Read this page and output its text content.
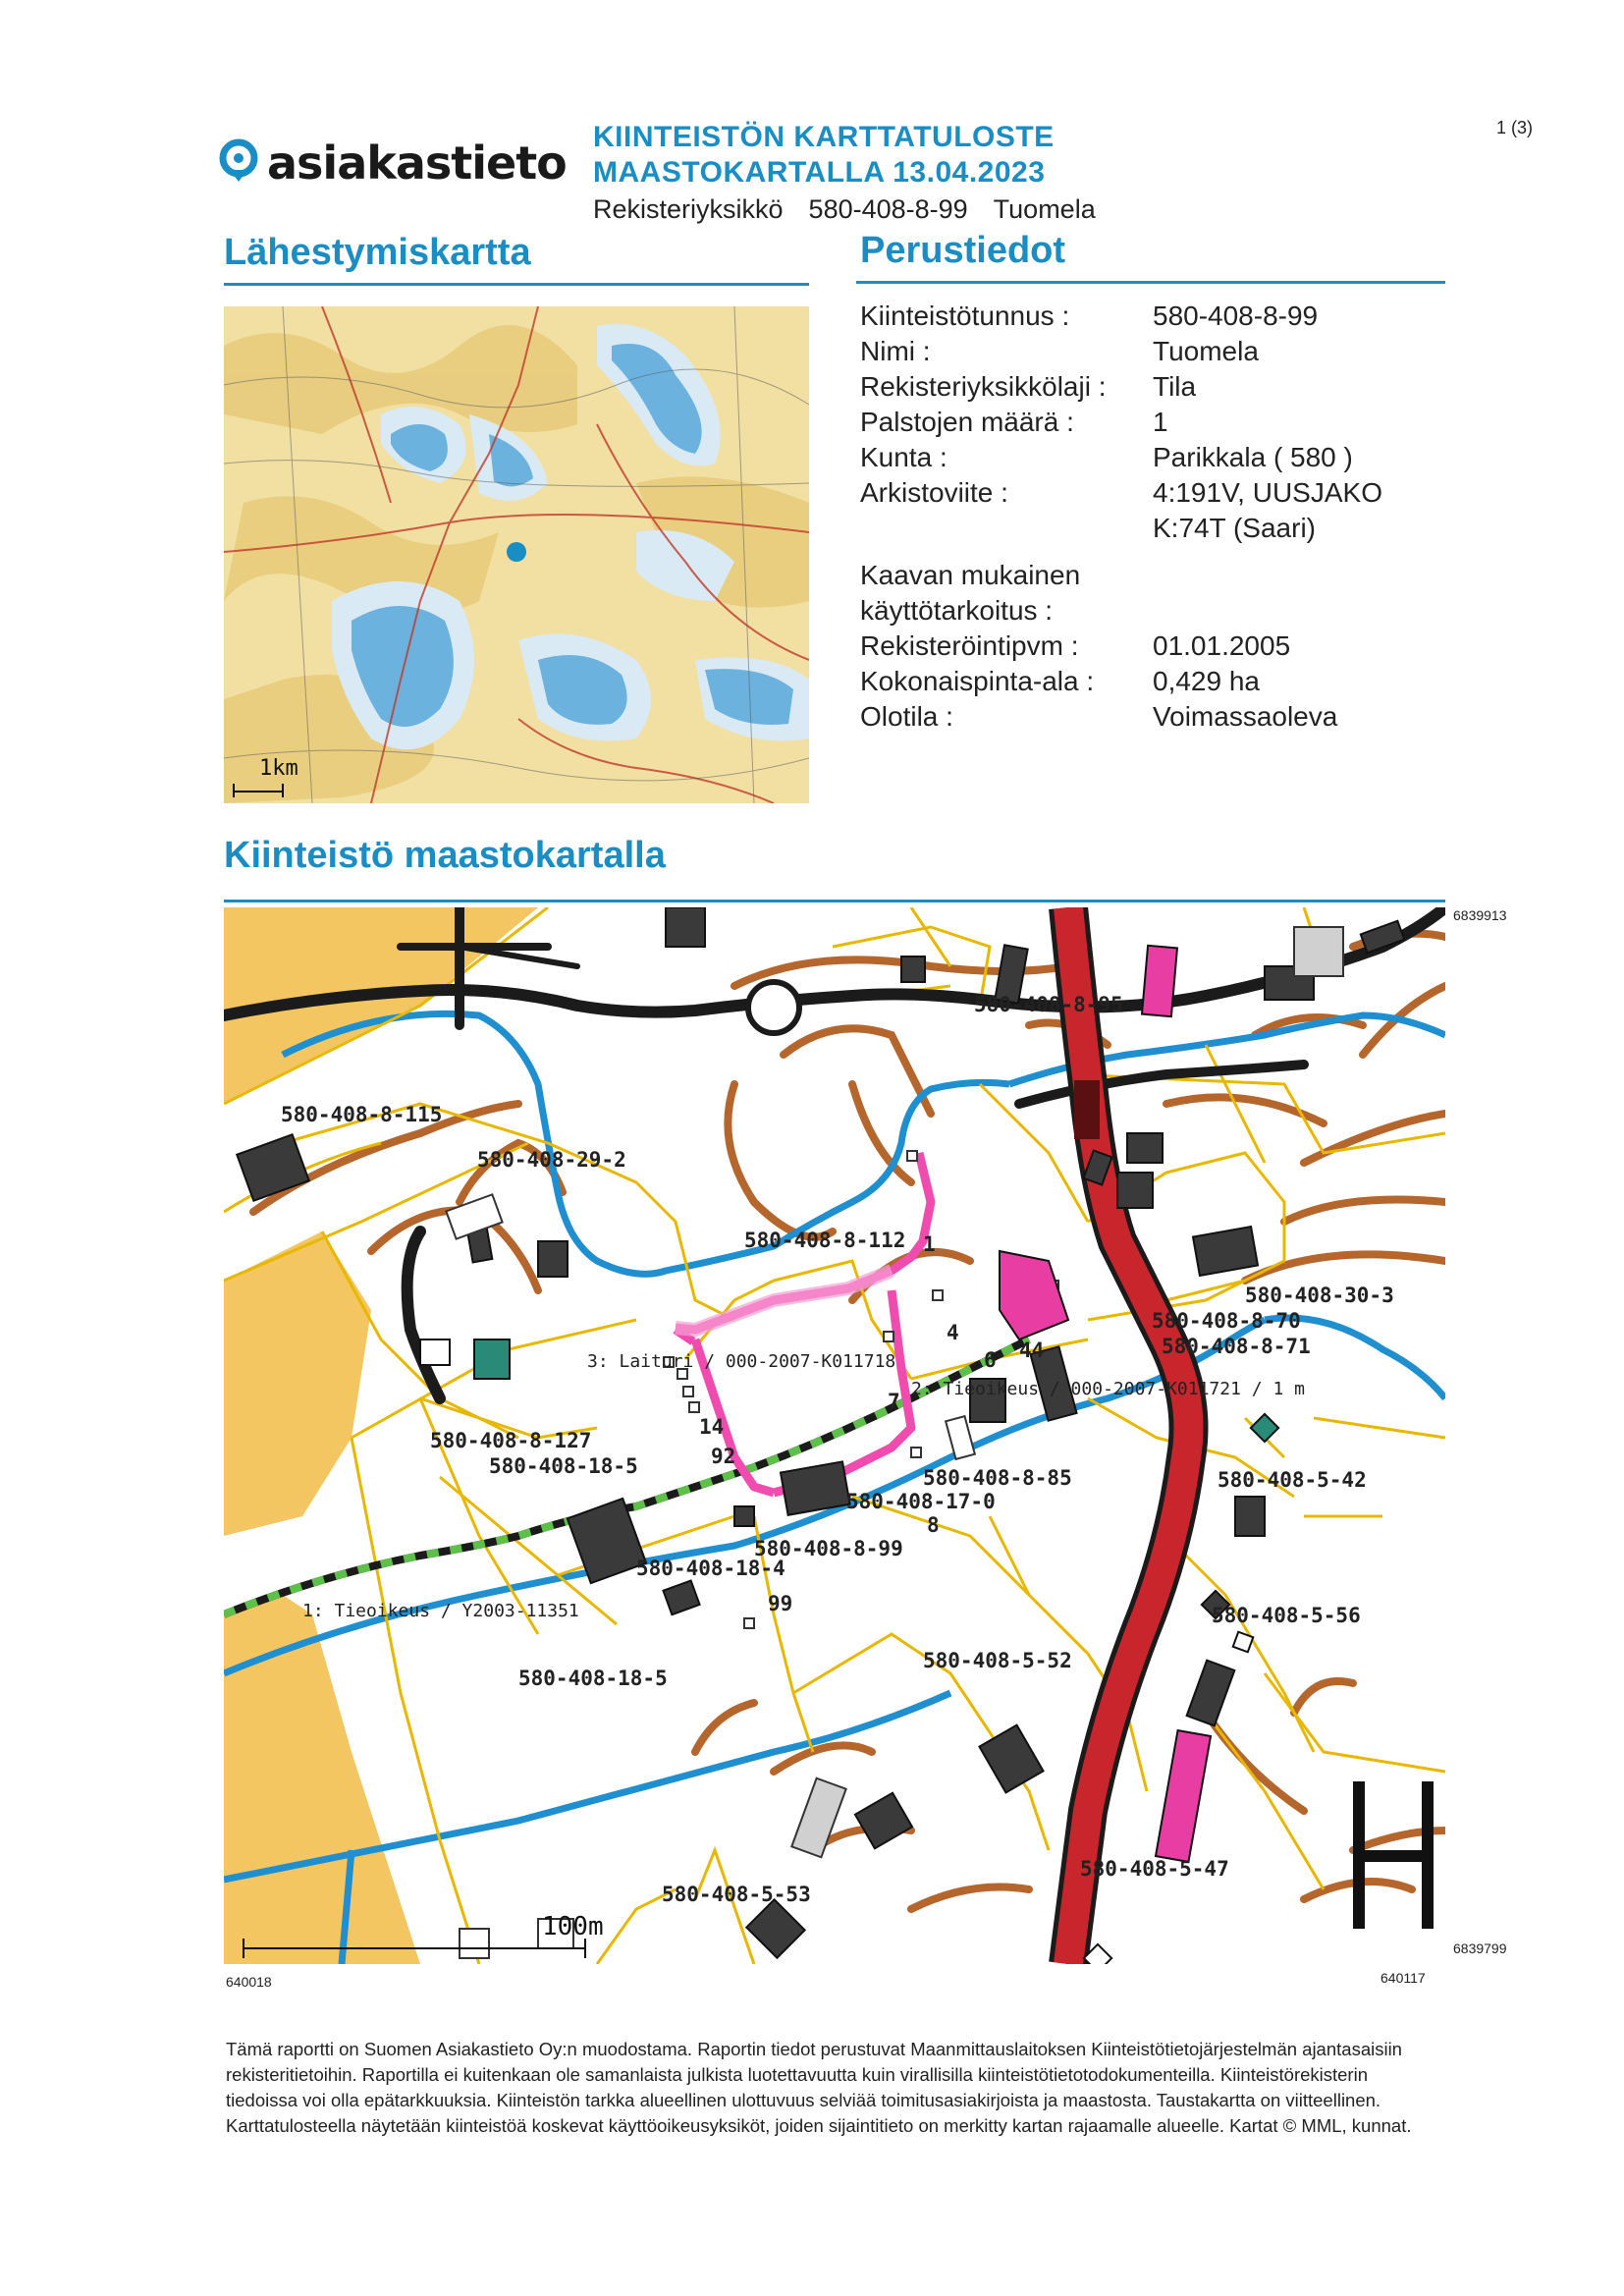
asiakastieto KIINTEISTÖN KARTTATULOSTE
MAASTOKARTALLA 13.04.2023
Rekisteriyksikkö 580-408-8-99 Tuomela
1 (3)
Lähestymiskartta
1km
Perustiedot
Kiinteistötunnus :	580-408-8-99
Nimi :	Tuomela
Rekisteriyksikkölaji : Tila
Palstojen määrä :	1
Kunta :	Parikkala ( 580 )
Arkistoviite :	4:191V, UUSJAKO
K:74T (Saari)
Kaavan mukainen
käyttötarkoitus :
Rekisteröintipvm :	01.01.2005
Kokonaispinta-ala : 0,429 ha
Olotila :	Voimassaoleva
Kiinteistö maastokartalla
6839913
6839799
640018	640117
580-408-8-95
580-408-8-115
580-408-29-2
580-408-8-112
580-408-30-3
580-408-8-70
580-408-8-71
580-408-8-127
580-408-18-5	580-408-8-85
580-408-17-0
580-408-5-42
580-408-8-99
580-408-18-4
580-408-5-56
580-408-18-5
580-408-5-52
580-408-5-47
580-408-5-53
1
4
6 44
7
14
92
8
99
3: Laituri / 000-2007-K011718
2: Tieoikeus / 000-2007-K011721 / 1 m
1: Tieoikeus / Y2003-11351
100m
Tämä raportti on Suomen Asiakastieto Oy:n muodostama. Raportin tiedot perustuvat Maanmittauslaitoksen Kiinteistötietojärjestelmän ajantasaisiin rekisteritietoihin. Raportilla ei kuitenkaan ole samanlaista julkista luotettavuutta kuin virallisilla kiinteistötietotodokumenteilla. Kiinteistörekisterin tiedoissa voi olla epätarkkuuksia. Kiinteistön tarkka alueellinen ulottuvuus selviää toimitusasiakirjoista ja maastosta. Taustakartta on viitteellinen. Karttatulosteella näytetään kiinteistöä koskevat käyttöoikeusyksiköt, joiden sijaintitieto on merkitty kartan rajaamalle alueelle. Kartat © MML, kunnat.
